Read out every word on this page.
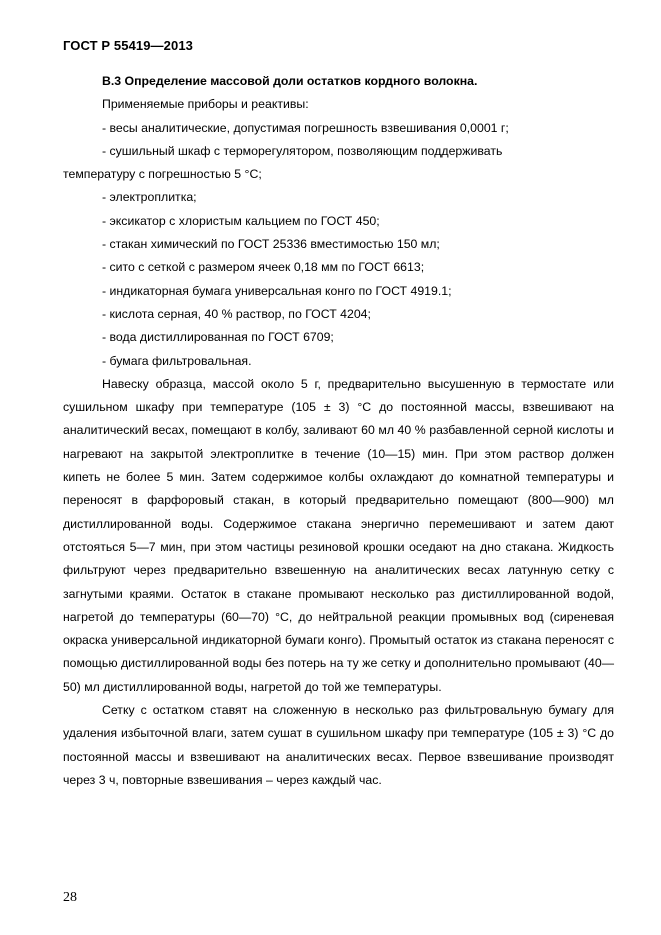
ГОСТ Р 55419—2013

В.3 Определение массовой доли остатков кордного волокна.

Применяемые приборы и реактивы:

- весы аналитические, допустимая погрешность взвешивания 0,0001 г;

- сушильный шкаф с терморегулятором, позволяющим поддерживать

температуру с погрешностью 5 °С;

- электроплитка;

- эксикатор с хлористым кальцием по ГОСТ 450;

- стакан химический по ГОСТ 25336 вместимостью 150 мл;

- сито с сеткой с размером ячеек 0,18 мм по ГОСТ 6613;

- индикаторная бумага универсальная конго по ГОСТ 4919.1;

- кислота серная, 40 % раствор, по ГОСТ 4204;

- вода дистиллированная по ГОСТ 6709;

- бумага фильтровальная.

Навеску образца, массой около 5 г, предварительно высушенную в термостате или сушильном шкафу при температуре (105 ± 3) °С до постоянной массы, взвешивают на аналитический весах, помещают в колбу, заливают 60 мл 40 % разбавленной серной кислоты и нагревают на закрытой электроплитке в течение (10—15) мин. При этом раствор должен кипеть не более 5 мин. Затем содержимое колбы охлаждают до комнатной температуры и переносят в фарфоровый стакан, в который предварительно помещают (800—900) мл дистиллированной воды. Содержимое стакана энергично перемешивают и затем дают отстояться 5—7 мин, при этом частицы резиновой крошки оседают на дно стакана. Жидкость фильтруют через предварительно взвешенную на аналитических весах латунную сетку с загнутыми краями. Остаток в стакане промывают несколько раз дистиллированной водой, нагретой до температуры (60—70) °С, до нейтральной реакции промывных вод (сиреневая окраска универсальной индикаторной бумаги конго). Промытый остаток из стакана переносят с помощью дистиллированной воды без потерь на ту же сетку и дополнительно промывают (40—50) мл дистиллированной воды, нагретой до той же температуры.

Сетку с остатком ставят на сложенную в несколько раз фильтровальную бумагу для удаления избыточной влаги, затем сушат в сушильном шкафу при температуре (105 ± 3) °С до постоянной массы и взвешивают на аналитических весах. Первое взвешивание производят через 3 ч, повторные взвешивания – через каждый час.

28
